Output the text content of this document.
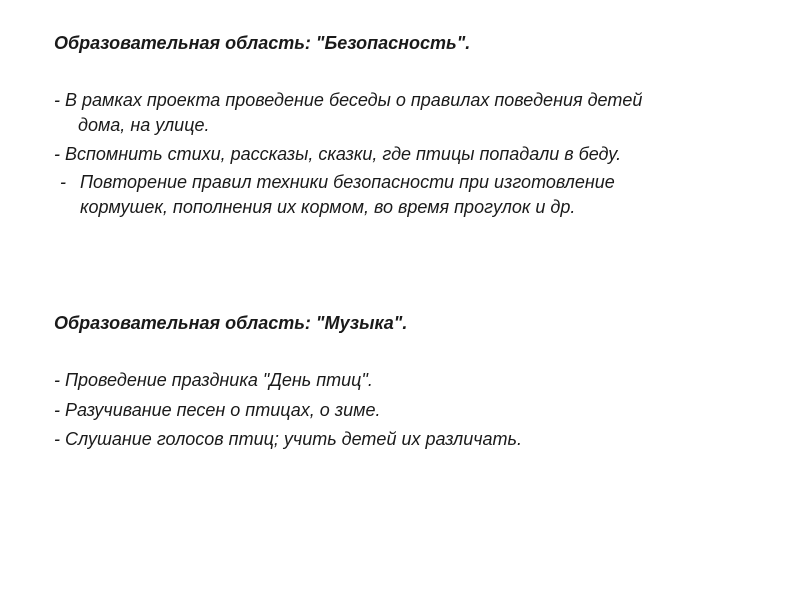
Образовательная область: "Безопасность".
- В рамках проекта проведение беседы о правилах поведения детей
дома, на улице.
- Вспомнить стихи, рассказы, сказки, где птицы попадали в беду.
- Повторение правил техники безопасности при изготовление
кормушек, пополнения их кормом, во время прогулок и др.
Образовательная область: "Музыка".
- Проведение праздника "День птиц".
- Разучивание песен о птицах, о зиме.
- Слушание голосов птиц; учить детей их различать.
